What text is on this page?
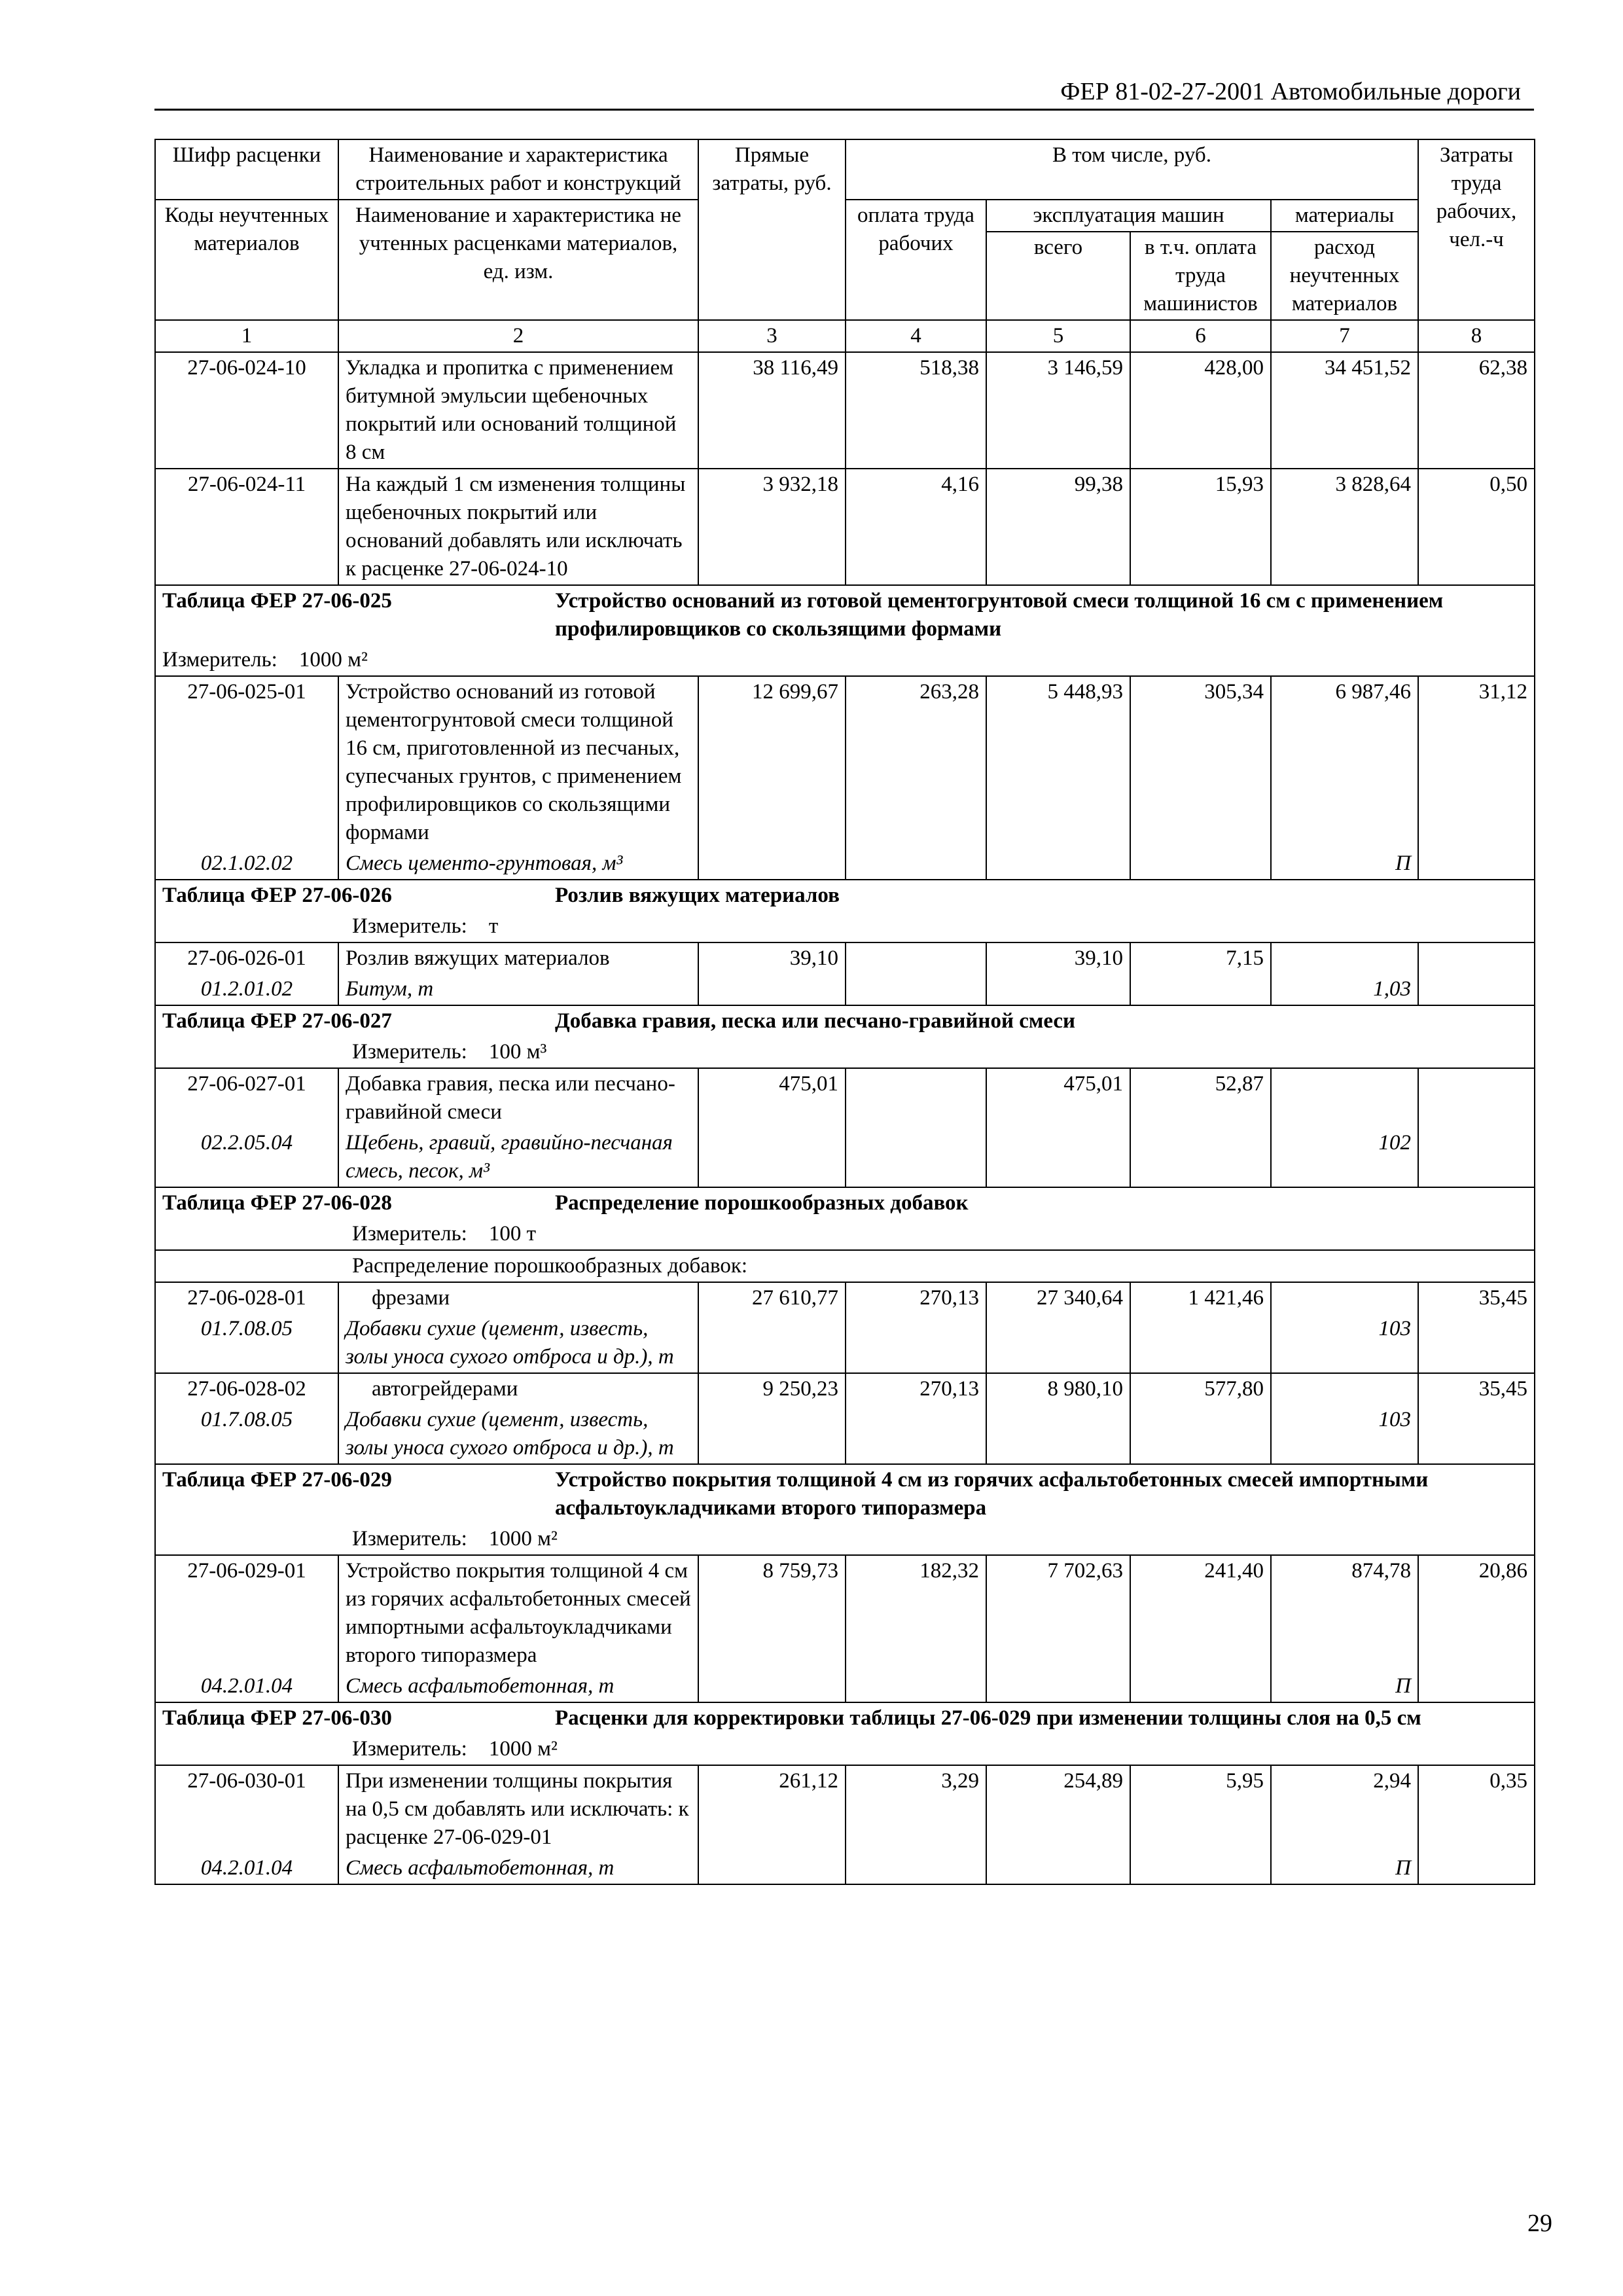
ФЕР 81-02-27-2001 Автомобильные дороги
Шифр расценки	Наименование и характеристика строительных работ и конструкций	Прямые затраты, руб.	В том числе, руб.				Затраты труда рабочих, чел.-ч
Коды неучтенных материалов	Наименование и характеристика не учтенных расценками материалов, ед. изм.		оплата труда рабочих	эксплуатация машин		материалы	
				всего	в т.ч. оплата труда машинистов	расход неучтенных материалов	

1	2	3	4	5	6	7	8
27-06-024-10	Укладка и пропитка с применением битумной эмульсии щебеночных покрытий или оснований толщиной 8 см	38 116,49	518,38	3 146,59	428,00	34 451,52	62,38
27-06-024-11	На каждый 1 см изменения толщины щебеночных покрытий или оснований добавлять или исключать к расценке 27-06-024-10	3 932,18	4,16	99,38	15,93	3 828,64	0,50

Таблица ФЕР 27-06-025 Устройство оснований из готовой цементогрунтовой смеси толщиной 16 см с применением профилировщиков со скользящими формами							

Измеритель: 1000 м²							
27-06-025-01	Устройство оснований из готовой цементогрунтовой смеси толщиной 16 см, приготовленной из песчаных, супесчаных грунтов, с применением профилировщиков со скользящими формами	12 699,67	263,28	5 448,93	305,34	6 987,46	31,12
02.1.02.02	Смесь цементо-грунтовая, м³					П	

Таблица ФЕР 27-06-026 Розлив вяжущих материалов							

Измеритель: т							
27-06-026-01	Розлив вяжущих материалов	39,10		39,10	7,15		
01.2.01.02	Битум, т					1,03	

Таблица ФЕР 27-06-027 Добавка гравия, песка или песчано-гравийной смеси							

Измеритель: 100 м³							
27-06-027-01	Добавка гравия, песка или песчано-гравийной смеси	475,01		475,01	52,87		
02.2.05.04	Щебень, гравий, гравийно-песчаная смесь, песок, м³					102	

Таблица ФЕР 27-06-028 Распределение порошкообразных добавок							

Измеритель: 100 т							
Распределение порошкообразных добавок:							
27-06-028-01	фрезами	27 610,77	270,13	27 340,64	1 421,46		35,45
01.7.08.05	Добавки сухие (цемент, известь, золы уноса сухого отброса и др.), т					103	
27-06-028-02	автогрейдерами	9 250,23	270,13	8 980,10	577,80		35,45
01.7.08.05	Добавки сухие (цемент, известь, золы уноса сухого отброса и др.), т					103	

Таблица ФЕР 27-06-029 Устройство покрытия толщиной 4 см из горячих асфальтобетонных смесей импортными асфальтоукладчиками второго типоразмера							

Измеритель: 1000 м²							
27-06-029-01	Устройство покрытия толщиной 4 см из горячих асфальтобетонных смесей импортными асфальтоукладчиками второго типоразмера	8 759,73	182,32	7 702,63	241,40	874,78	20,86
04.2.01.04	Смесь асфальтобетонная, т					П	

Таблица ФЕР 27-06-030 Расценки для корректировки таблицы 27-06-029 при изменении толщины слоя на 0,5 см							

Измеритель: 1000 м²							
27-06-030-01	При изменении толщины покрытия на 0,5 см добавлять или исключать: к расценке 27-06-029-01	261,12	3,29	254,89	5,95	2,94	0,35
04.2.01.04	Смесь асфальтобетонная, т					П	
29
